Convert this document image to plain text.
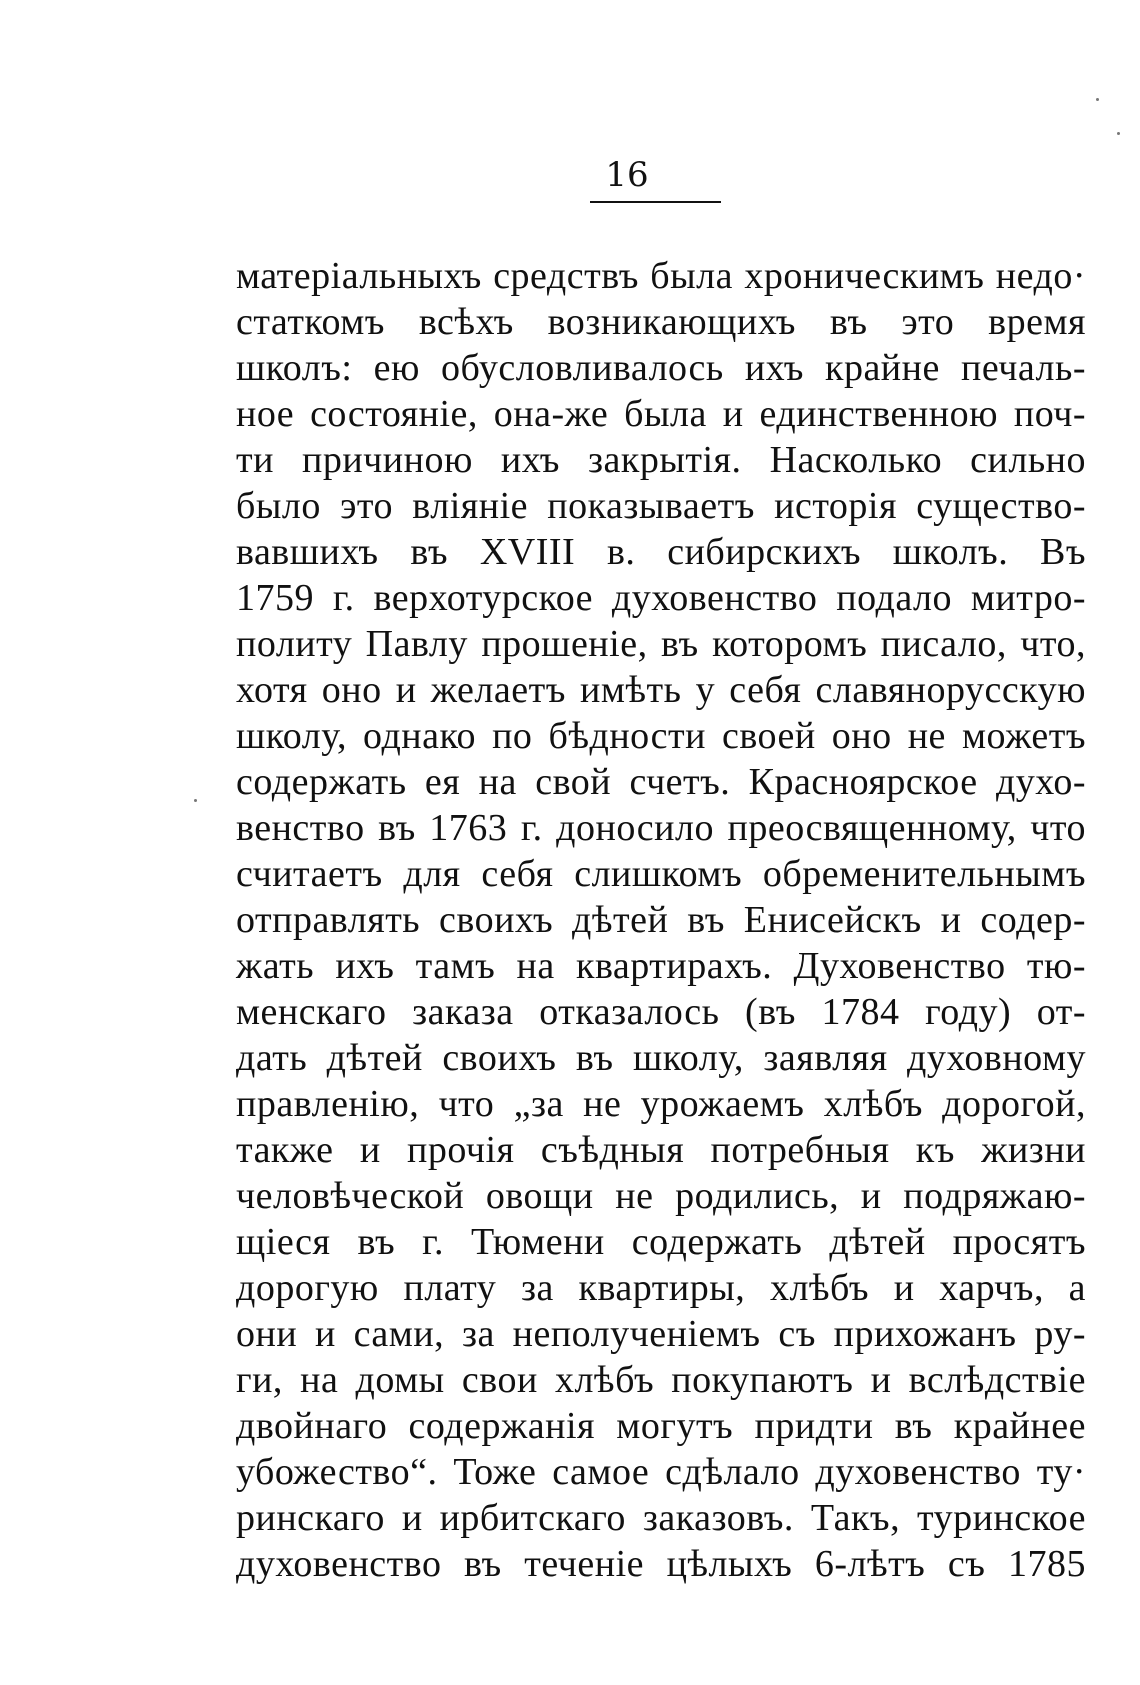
16
матеріальныхъ средствъ была хроническимъ недо·
статкомъ всѣхъ возникающихъ въ это время
школъ: ею обусловливалось ихъ крайне печаль-
ное состояніе, она-же была и единственною поч-
ти причиною ихъ закрытія. Насколько сильно
было это вліяніе показываетъ исторія существо-
вавшихъ въ XVIII в. сибирскихъ школъ. Въ
1759 г. верхотурское духовенство подало митро-
политу Павлу прошеніе, въ которомъ писало, что,
хотя оно и желаетъ имѣть у себя славянорусскую
школу, однако по бѣдности своей оно не можетъ
содержать ея на свой счетъ. Красноярское духо-
венство въ 1763 г. доносило преосвященному, что
считаетъ для себя слишкомъ обременительнымъ
отправлять своихъ дѣтей въ Енисейскъ и содер-
жать ихъ тамъ на квартирахъ. Духовенство тю-
менскаго заказа отказалось (въ 1784 году) от-
дать дѣтей своихъ въ школу, заявляя духовному
правленію, что „за не урожаемъ хлѣбъ дорогой,
также и прочія съѣдныя потребныя къ жизни
человѣческой овощи не родились, и подряжаю-
щіеся въ г. Тюмени содержать дѣтей просятъ
дорогую плату за квартиры, хлѣбъ и харчъ, а
они и сами, за неполученіемъ съ прихожанъ ру-
ги, на домы свои хлѣбъ покупаютъ и вслѣдствіе
двойнаго содержанія могутъ придти въ крайнее
убожество“. Тоже самое сдѣлало духовенство ту·
ринскаго и ирбитскаго заказовъ. Такъ, туринское
духовенство въ теченіе цѣлыхъ 6-лѣтъ съ 1785
